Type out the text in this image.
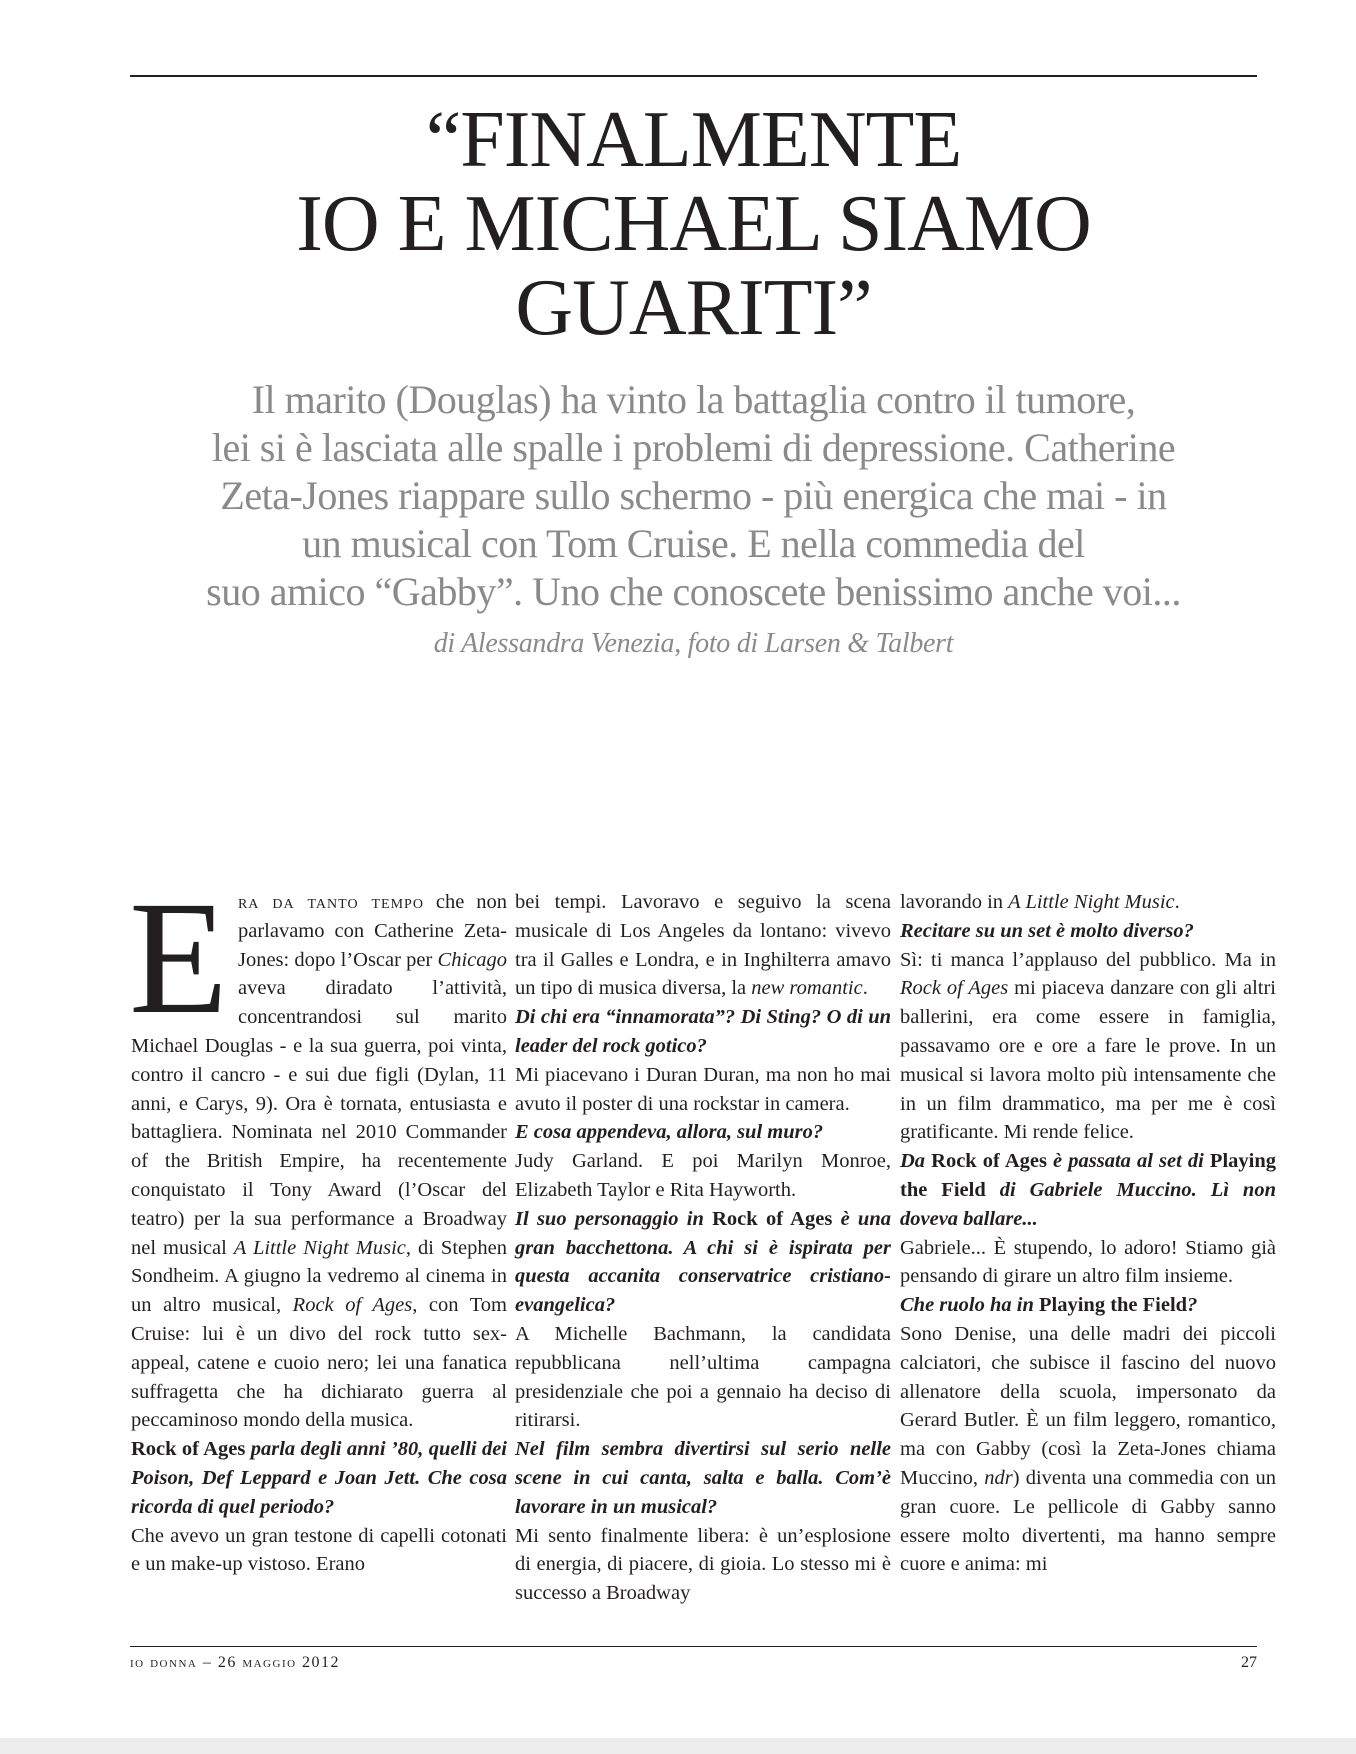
“FINALMENTE
IO E MICHAEL SIAMO
GUARITI”

Il marito (Douglas) ha vinto la battaglia contro il tumore,
lei si è lasciata alle spalle i problemi di depressione. Catherine
Zeta-Jones riappare sullo schermo - più energica che mai - in
un musical con Tom Cruise. E nella commedia del
suo amico “Gabby”. Uno che conoscete benissimo anche voi...

di Alessandra Venezia, foto di Larsen & Talbert

Era da tanto tempo che non parlavamo con Catherine Zeta-Jones: dopo l’Oscar per Chicago aveva diradato l’attività, concentrandosi sul marito Michael Douglas - e la sua guerra, poi vinta, contro il cancro - e sui due figli (Dylan, 11 anni, e Carys, 9). Ora è tornata, entusiasta e battagliera. Nominata nel 2010 Commander of the British Empire, ha recentemente conquistato il Tony Award (l’Oscar del teatro) per la sua performance a Broadway nel musical A Little Night Music, di Stephen Sondheim. A giugno la vedremo al cinema in un altro musical, Rock of Ages, con Tom Cruise: lui è un divo del rock tutto sex-appeal, catene e cuoio nero; lei una fanatica suffragetta che ha dichiarato guerra al peccaminoso mondo della musica.

Rock of Ages parla degli anni ’80, quelli dei Poison, Def Leppard e Joan Jett. Che cosa ricorda di quel periodo?

Che avevo un gran testone di capelli cotonati e un make-up vistoso. Erano

bei tempi. Lavoravo e seguivo la scena musicale di Los Angeles da lontano: vivevo tra il Galles e Londra, e in Inghilterra amavo un tipo di musica diversa, la new romantic.

Di chi era “innamorata”? Di Sting? O di un leader del rock gotico?

Mi piacevano i Duran Duran, ma non ho mai avuto il poster di una rockstar in camera.

E cosa appendeva, allora, sul muro?

Judy Garland. E poi Marilyn Monroe, Elizabeth Taylor e Rita Hayworth.

Il suo personaggio in Rock of Ages è una gran bacchettona. A chi si è ispirata per questa accanita conservatrice cristiano-evangelica?

A Michelle Bachmann, la candidata repubblicana nell’ultima campagna presidenziale che poi a gennaio ha deciso di ritirarsi.

Nel film sembra divertirsi sul serio nelle scene in cui canta, salta e balla. Com’è lavorare in un musical?

Mi sento finalmente libera: è un’esplosione di energia, di piacere, di gioia. Lo stesso mi è successo a Broadway

lavorando in A Little Night Music.

Recitare su un set è molto diverso?

Sì: ti manca l’applauso del pubblico. Ma in Rock of Ages mi piaceva danzare con gli altri ballerini, era come essere in famiglia, passavamo ore e ore a fare le prove. In un musical si lavora molto più intensamente che in un film drammatico, ma per me è così gratificante. Mi rende felice.

Da Rock of Ages è passata al set di Playing the Field di Gabriele Muccino. Lì non doveva ballare...

Gabriele... È stupendo, lo adoro! Stiamo già pensando di girare un altro film insieme.

Che ruolo ha in Playing the Field?

Sono Denise, una delle madri dei piccoli calciatori, che subisce il fascino del nuovo allenatore della scuola, impersonato da Gerard Butler. È un film leggero, romantico, ma con Gabby (così la Zeta-Jones chiama Muccino, ndr) diventa una commedia con un gran cuore. Le pellicole di Gabby sanno essere molto divertenti, ma hanno sempre cuore e anima: mi

io donna – 26 maggio 2012	27
